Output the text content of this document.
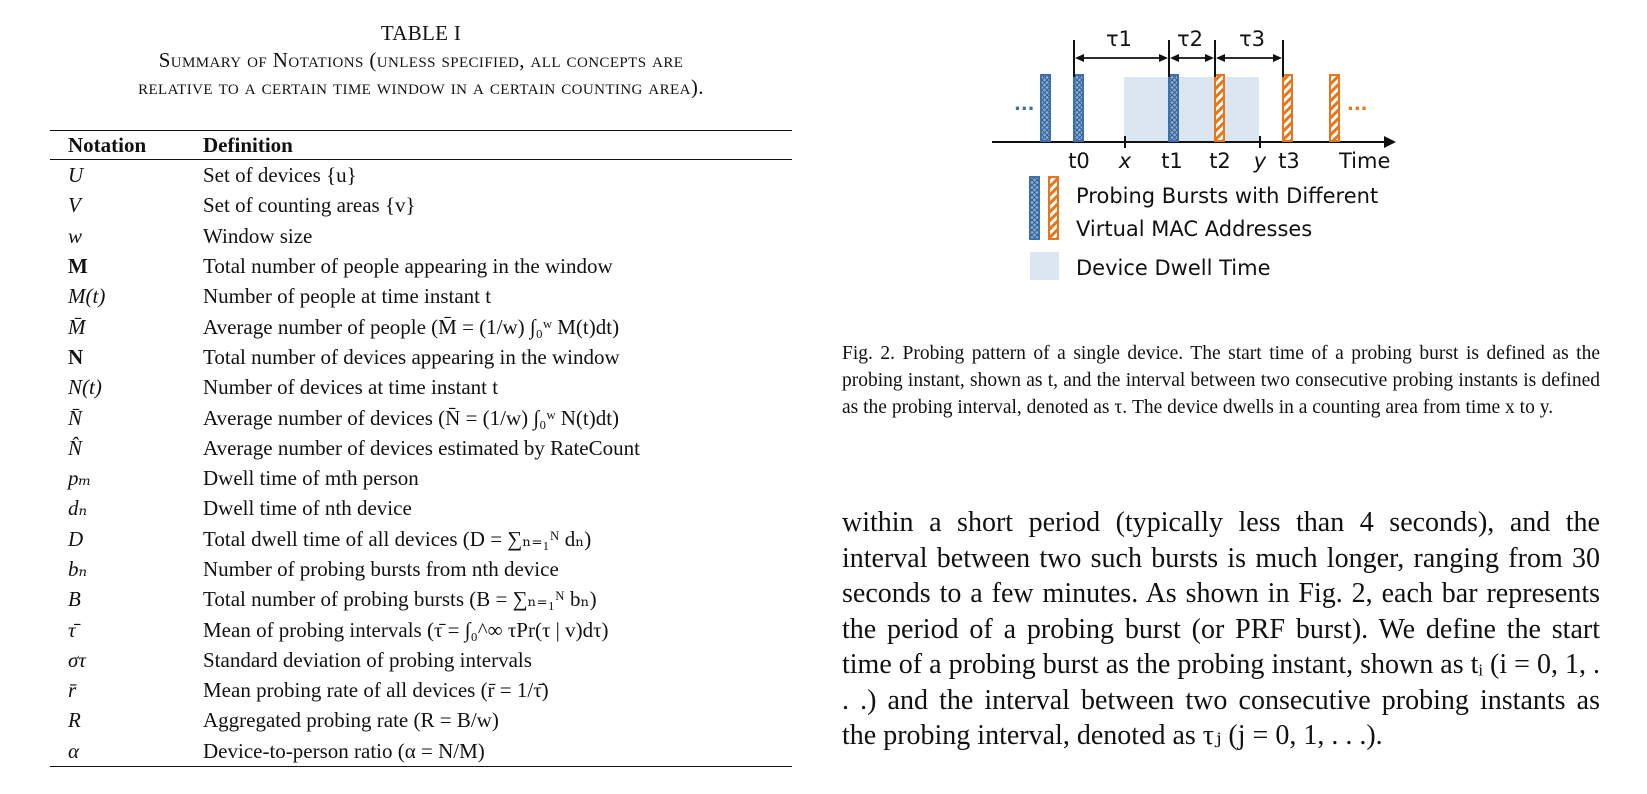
TABLE I
Summary of Notations (unless specified, all concepts are
relative to a certain time window in a certain counting area).
Notation	Definition
U	Set of devices {u}
V	Set of counting areas {v}
w	Window size
M	Total number of people appearing in the window
M(t)	Number of people at time instant t
M̄	Average number of people (M̄ = (1/w) ∫₀ʷ M(t)dt)
N	Total number of devices appearing in the window
N(t)	Number of devices at time instant t
N̄	Average number of devices (N̄ = (1/w) ∫₀ʷ N(t)dt)
N̂	Average number of devices estimated by RateCount
pₘ	Dwell time of mth person
dₙ	Dwell time of nth device
D	Total dwell time of all devices (D = ∑ₙ₌₁ᴺ dₙ)
bₙ	Number of probing bursts from nth device
B	Total number of probing bursts (B = ∑ₙ₌₁ᴺ bₙ)
τ̄	Mean of probing intervals (τ̄ = ∫₀^∞ τPr(τ | v)dτ)
στ	Standard deviation of probing intervals
r̄	Mean probing rate of all devices (r̄ = 1/τ̄)
R	Aggregated probing rate (R = B/w)
α	Device-to-person ratio (α = N/M)
...	...
τ1 τ2 τ3
t0 x t1 t2 y t3 Time
Probing Bursts with Different
Virtual MAC Addresses
Device Dwell Time
Fig. 2. Probing pattern of a single device. The start time of a probing burst is defined as the probing instant, shown as t, and the interval between two consecutive probing instants is defined as the probing interval, denoted as τ. The device dwells in a counting area from time x to y.
within a short period (typically less than 4 seconds), and the interval between two such bursts is much longer, ranging from 30 seconds to a few minutes. As shown in Fig. 2, each bar represents the period of a probing burst (or PRF burst). We define the start time of a probing burst as the probing instant, shown as tᵢ (i = 0, 1, . . .) and the interval between two consecutive probing instants as the probing interval, denoted as τⱼ (j = 0, 1, . . .).
